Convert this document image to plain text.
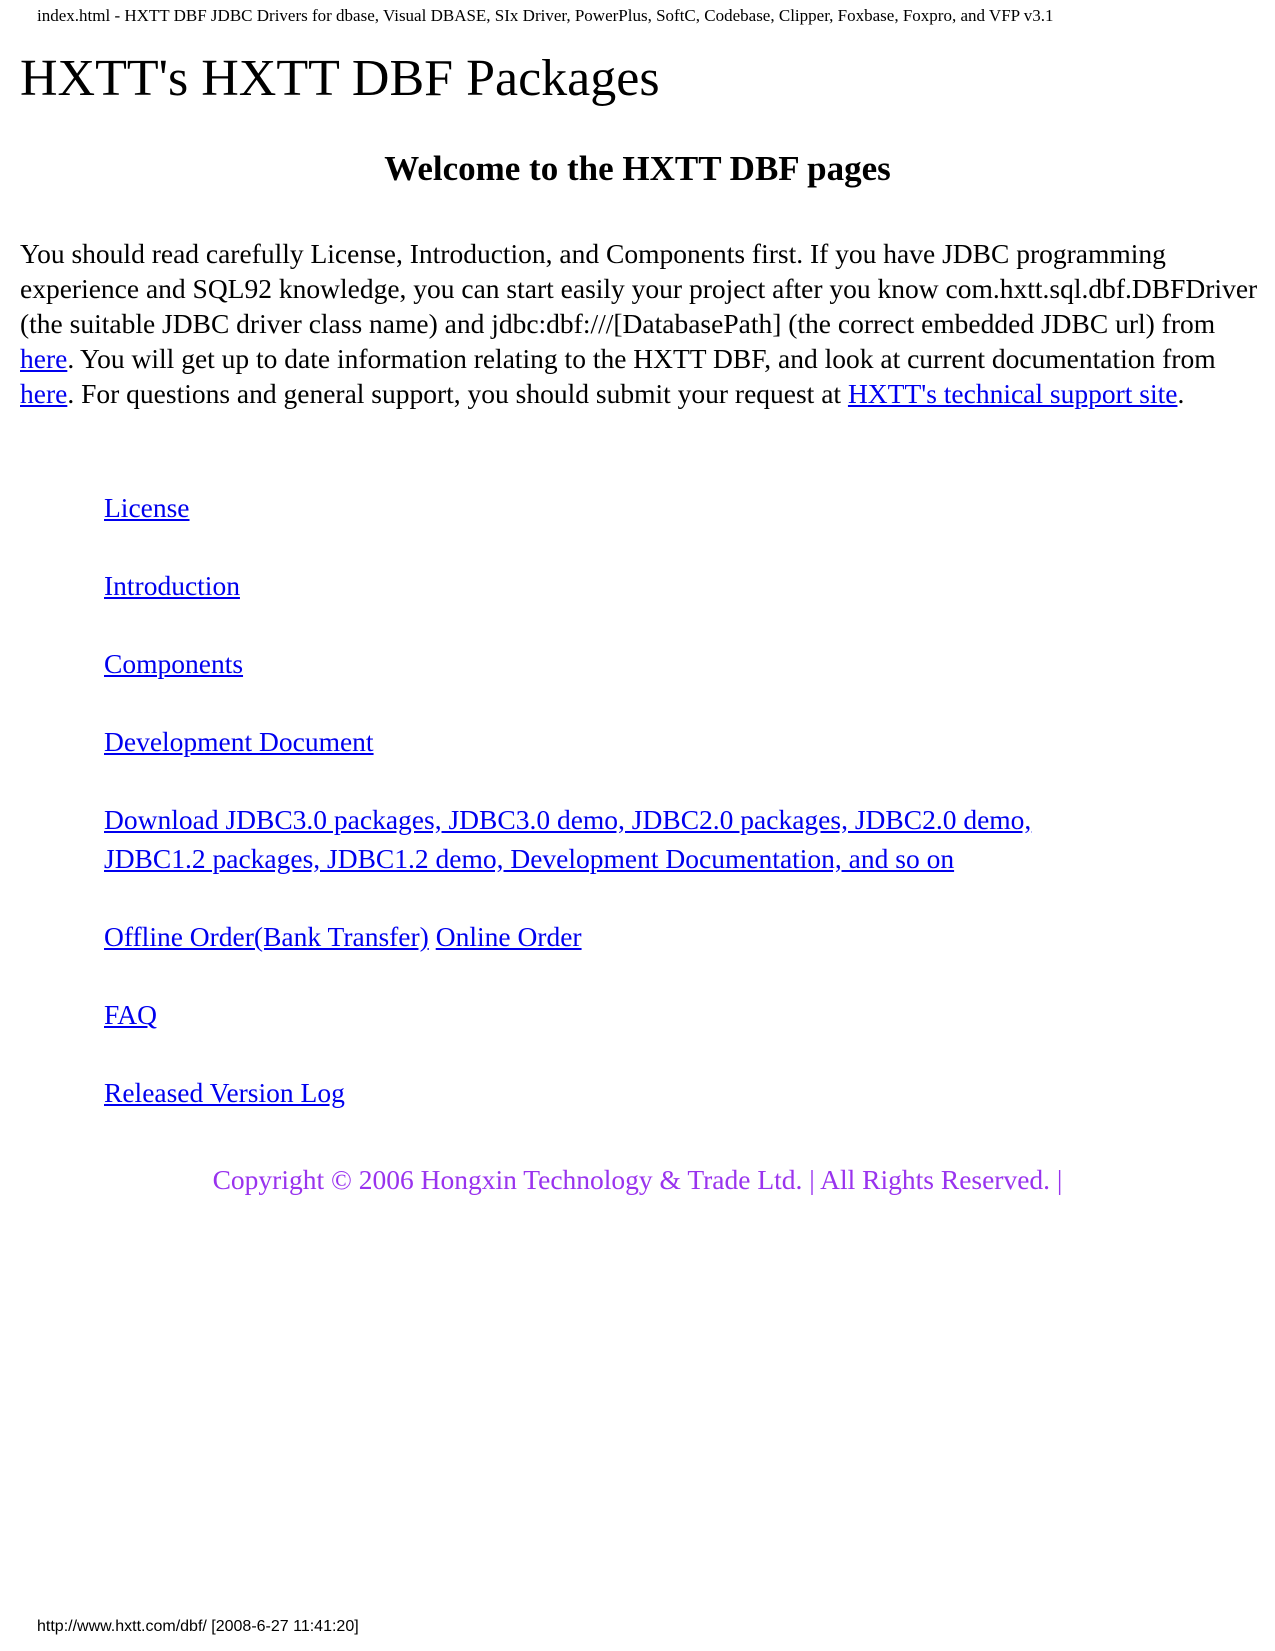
index.html - HXTT DBF JDBC Drivers for dbase, Visual DBASE, SIx Driver, PowerPlus, SoftC, Codebase, Clipper, Foxbase, Foxpro, and VFP v3.1
HXTT's HXTT DBF Packages
Welcome to the HXTT DBF pages

You should read carefully License, Introduction, and Components first. If you have JDBC programming experience and SQL92 knowledge, you can start easily your project after you know com.hxtt.sql.dbf.DBFDriver (the suitable JDBC driver class name) and jdbc:dbf:///[DatabasePath] (the correct embedded JDBC url) from here. You will get up to date information relating to the HXTT DBF, and look at current documentation from here. For questions and general support, you should submit your request at HXTT's technical support site.

License
Introduction
Components
Development Document
Download JDBC3.0 packages, JDBC3.0 demo, JDBC2.0 packages, JDBC2.0 demo,
JDBC1.2 packages, JDBC1.2 demo, Development Documentation, and so on
Offline Order(Bank Transfer) Online Order
FAQ
Released Version Log
Copyright © 2006 Hongxin Technology & Trade Ltd. | All Rights Reserved. |
http://www.hxtt.com/dbf/ [2008-6-27 11:41:20]
